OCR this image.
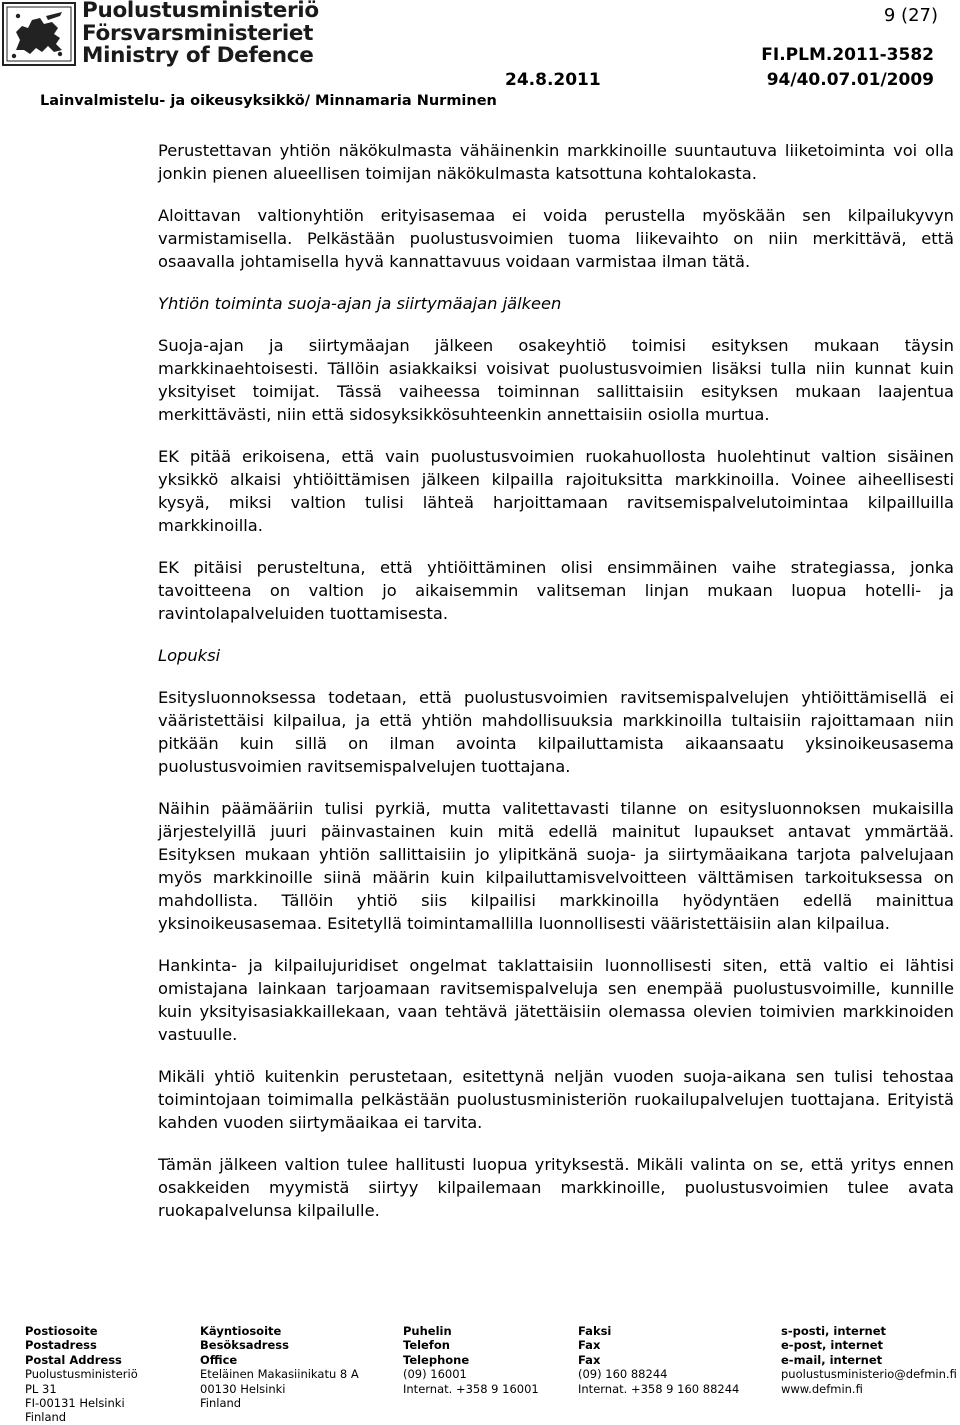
Puolustusministeriö
Försvarsministeriet
Ministry of Defence
9 (27)
FI.PLM.2011-3582
24.8.2011	94/40.07.01/2009
Lainvalmistelu- ja oikeusyksikkö/ Minnamaria Nurminen

Perustettavan yhtiön näkökulmasta vähäinenkin markkinoille suuntautuva liiketoiminta voi olla jonkin pienen alueellisen toimijan näkökulmasta katsottuna kohtalokasta.

Aloittavan valtionyhtiön erityisasemaa ei voida perustella myöskään sen kilpailukyvyn varmistamisella. Pelkästään puolustusvoimien tuoma liikevaihto on niin merkittävä, että osaavalla johtamisella hyvä kannattavuus voidaan varmistaa ilman tätä.

Yhtiön toiminta suoja-ajan ja siirtymäajan jälkeen

Suoja-ajan ja siirtymäajan jälkeen osakeyhtiö toimisi esityksen mukaan täysin markkinaehtoisesti. Tällöin asiakkaiksi voisivat puolustusvoimien lisäksi tulla niin kunnat kuin yksityiset toimijat. Tässä vaiheessa toiminnan sallittaisiin esityksen mukaan laajentua merkittävästi, niin että sidosyksikkösuhteenkin annettaisiin osiolla murtua.

EK pitää erikoisena, että vain puolustusvoimien ruokahuollosta huolehtinut valtion sisäinen yksikkö alkaisi yhtiöittämisen jälkeen kilpailla rajoituksitta markkinoilla. Voinee aiheellisesti kysyä, miksi valtion tulisi lähteä harjoittamaan ravitsemispalvelutoimintaa kilpailluilla markkinoilla.

EK pitäisi perusteltuna, että yhtiöittäminen olisi ensimmäinen vaihe strategiassa, jonka tavoitteena on valtion jo aikaisemmin valitseman linjan mukaan luopua hotelli- ja ravintolapalveluiden tuottamisesta.

Lopuksi

Esitysluonnoksessa todetaan, että puolustusvoimien ravitsemispalvelujen yhtiöittämisellä ei vääristettäisi kilpailua, ja että yhtiön mahdollisuuksia markkinoilla tultaisiin rajoittamaan niin pitkään kuin sillä on ilman avointa kilpailuttamista aikaansaatu yksinoikeusasema puolustusvoimien ravitsemispalvelujen tuottajana.

Näihin päämääriin tulisi pyrkiä, mutta valitettavasti tilanne on esitysluonnoksen mukaisilla järjestelyillä juuri päinvastainen kuin mitä edellä mainitut lupaukset antavat ymmärtää. Esityksen mukaan yhtiön sallittaisiin jo ylipitkänä suoja- ja siirtymäaikana tarjota palvelujaan myös markkinoille siinä määrin kuin kilpailuttamisvelvoitteen välttämisen tarkoituksessa on mahdollista. Tällöin yhtiö siis kilpailisi markkinoilla hyödyntäen edellä mainittua yksinoikeusasemaa. Esitetyllä toimintamallilla luonnollisesti vääristettäisiin alan kilpailua.

Hankinta- ja kilpailujuridiset ongelmat taklattaisiin luonnollisesti siten, että valtio ei lähtisi omistajana lainkaan tarjoamaan ravitsemispalveluja sen enempää puolustusvoimille, kunnille kuin yksityisasiakkaillekaan, vaan tehtävä jätettäisiin olemassa olevien toimivien markkinoiden vastuulle.

Mikäli yhtiö kuitenkin perustetaan, esitettynä neljän vuoden suoja-aikana sen tulisi tehostaa toimintojaan toimimalla pelkästään puolustusministeriön ruokailupalvelujen tuottajana. Erityistä kahden vuoden siirtymäaikaa ei tarvita.

Tämän jälkeen valtion tulee hallitusti luopua yrityksestä. Mikäli valinta on se, että yritys ennen osakkeiden myymistä siirtyy kilpailemaan markkinoille, puolustusvoimien tulee avata ruokapalvelunsa kilpailulle.

Postiosoite
Postadress
Postal Address
Puolustusministeriö
PL 31
FI-00131 Helsinki
Finland
Käyntiosoite
Besöksadress
Office
Eteläinen Makasiinikatu 8 A
00130 Helsinki
Finland
Puhelin
Telefon
Telephone
(09) 16001
Internat. +358 9 16001
Faksi
Fax
Fax
(09) 160 88244
Internat. +358 9 160 88244
s-posti, internet
e-post, internet
e-mail, internet
puolustusministerio@defmin.fi
www.defmin.fi
